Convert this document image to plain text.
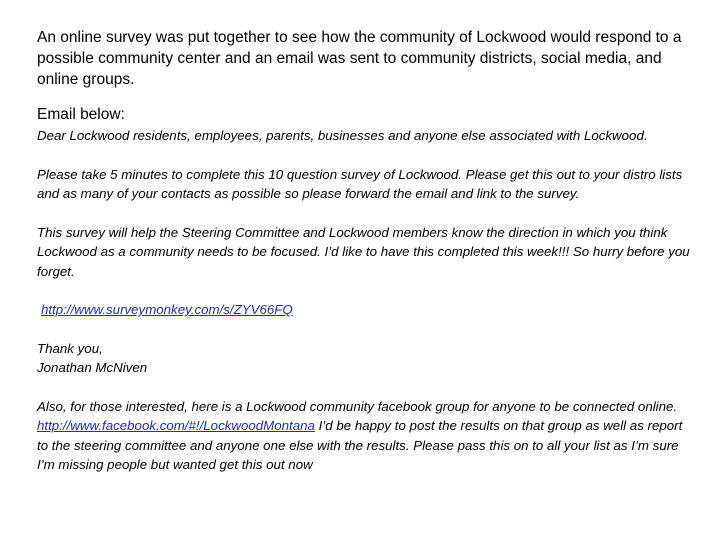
An online survey was put together to see how the community of Lockwood would respond to a possible community center and an email was sent to community districts, social media, and online groups.

Email below:

Dear Lockwood residents, employees, parents, businesses and anyone else associated with Lockwood.

Please take 5 minutes to complete this 10 question survey of Lockwood. Please get this out to your distro lists and as many of your contacts as possible so please forward the email and link to the survey.

This survey will help the Steering Committee and Lockwood members know the direction in which you think Lockwood as a community needs to be focused. I’d like to have this completed this week!!! So hurry before you forget.

http://www.surveymonkey.com/s/ZYV66FQ

Thank you,

Jonathan McNiven

Also, for those interested, here is a Lockwood community facebook group for anyone to be connected online. http://www.facebook.com/#!/LockwoodMontana I’d be happy to post the results on that group as well as report to the steering committee and anyone one else with the results. Please pass this on to all your list as I’m sure I’m missing people but wanted get this out now
